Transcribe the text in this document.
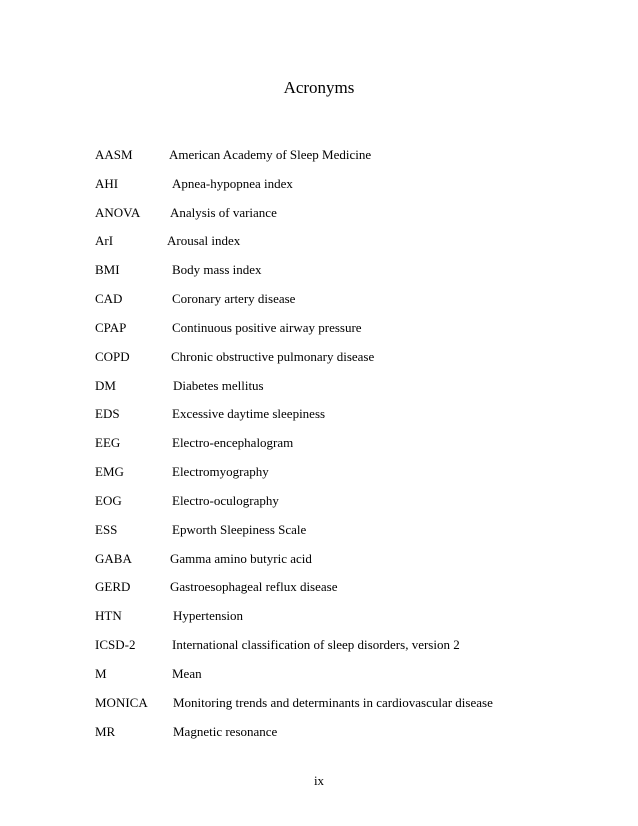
Acronyms
AASM	American Academy of Sleep Medicine
AHI	Apnea-hypopnea index
ANOVA Analysis of variance
ArI	Arousal index
BMI	Body mass index
CAD	Coronary artery disease
CPAP	Continuous positive airway pressure
COPD	Chronic obstructive pulmonary disease
DM	Diabetes mellitus
EDS	Excessive daytime sleepiness
EEG	Electro-encephalogram
EMG	Electromyography
EOG	Electro-oculography
ESS	Epworth Sleepiness Scale
GABA	Gamma amino butyric acid
GERD	Gastroesophageal reflux disease
HTN	Hypertension
ICSD-2	International classification of sleep disorders, version 2
M	Mean
MONICA Monitoring trends and determinants in cardiovascular disease
MR	Magnetic resonance
ix
